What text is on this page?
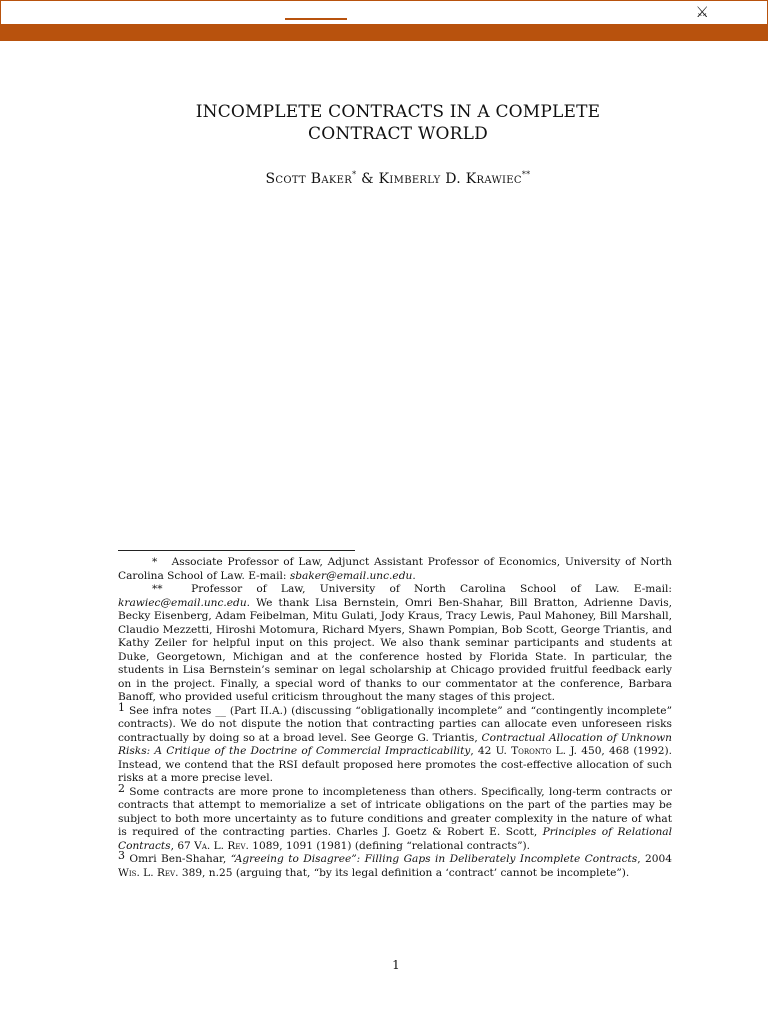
⚔
INCOMPLETE CONTRACTS IN A COMPLETE
CONTRACT WORLD
Scott Baker* & Kimberly D. Krawiec**

* Associate Professor of Law, Adjunct Assistant Professor of Economics, University of North Carolina School of Law. E-mail: sbaker@email.unc.edu.

**	Professor of Law, University of North Carolina School of Law. E-mail: krawiec@email.unc.edu. We thank Lisa Bernstein, Omri Ben-Shahar, Bill Bratton, Adrienne Davis, Becky Eisenberg, Adam Feibelman, Mitu Gulati, Jody Kraus, Tracy Lewis, Paul Mahoney, Bill Marshall, Claudio Mezzetti, Hiroshi Motomura, Richard Myers, Shawn Pompian, Bob Scott, George Triantis, and Kathy Zeiler for helpful input on this project. We also thank seminar participants and students at Duke, Georgetown, Michigan and at the conference hosted by Florida State. In particular, the students in Lisa Bernstein’s seminar on legal scholarship at Chicago provided fruitful feedback early on in the project. Finally, a special word of thanks to our commentator at the conference, Barbara Banoff, who provided useful criticism throughout the many stages of this project.

1 See infra notes __ (Part II.A.) (discussing “obligationally incomplete” and “contingently incomplete” contracts). We do not dispute the notion that contracting parties can allocate even unforeseen risks contractually by doing so at a broad level. See George G. Triantis, Contractual Allocation of Unknown Risks: A Critique of the Doctrine of Commercial Impracticability, 42 U. Toronto L. J. 450, 468 (1992). Instead, we contend that the RSI default proposed here promotes the cost-effective allocation of such risks at a more precise level.

2 Some contracts are more prone to incompleteness than others. Specifically, long-term contracts or contracts that attempt to memorialize a set of intricate obligations on the part of the parties may be subject to both more uncertainty as to future conditions and greater complexity in the nature of what is required of the contracting parties. Charles J. Goetz & Robert E. Scott, Principles of Relational Contracts, 67 Va. L. Rev. 1089, 1091 (1981) (defining “relational contracts”).

3 Omri Ben-Shahar, “Agreeing to Disagree”: Filling Gaps in Deliberately Incomplete Contracts, 2004 Wis. L. Rev. 389, n.25 (arguing that, “by its legal definition a ‘contract’ cannot be incomplete”).

1
